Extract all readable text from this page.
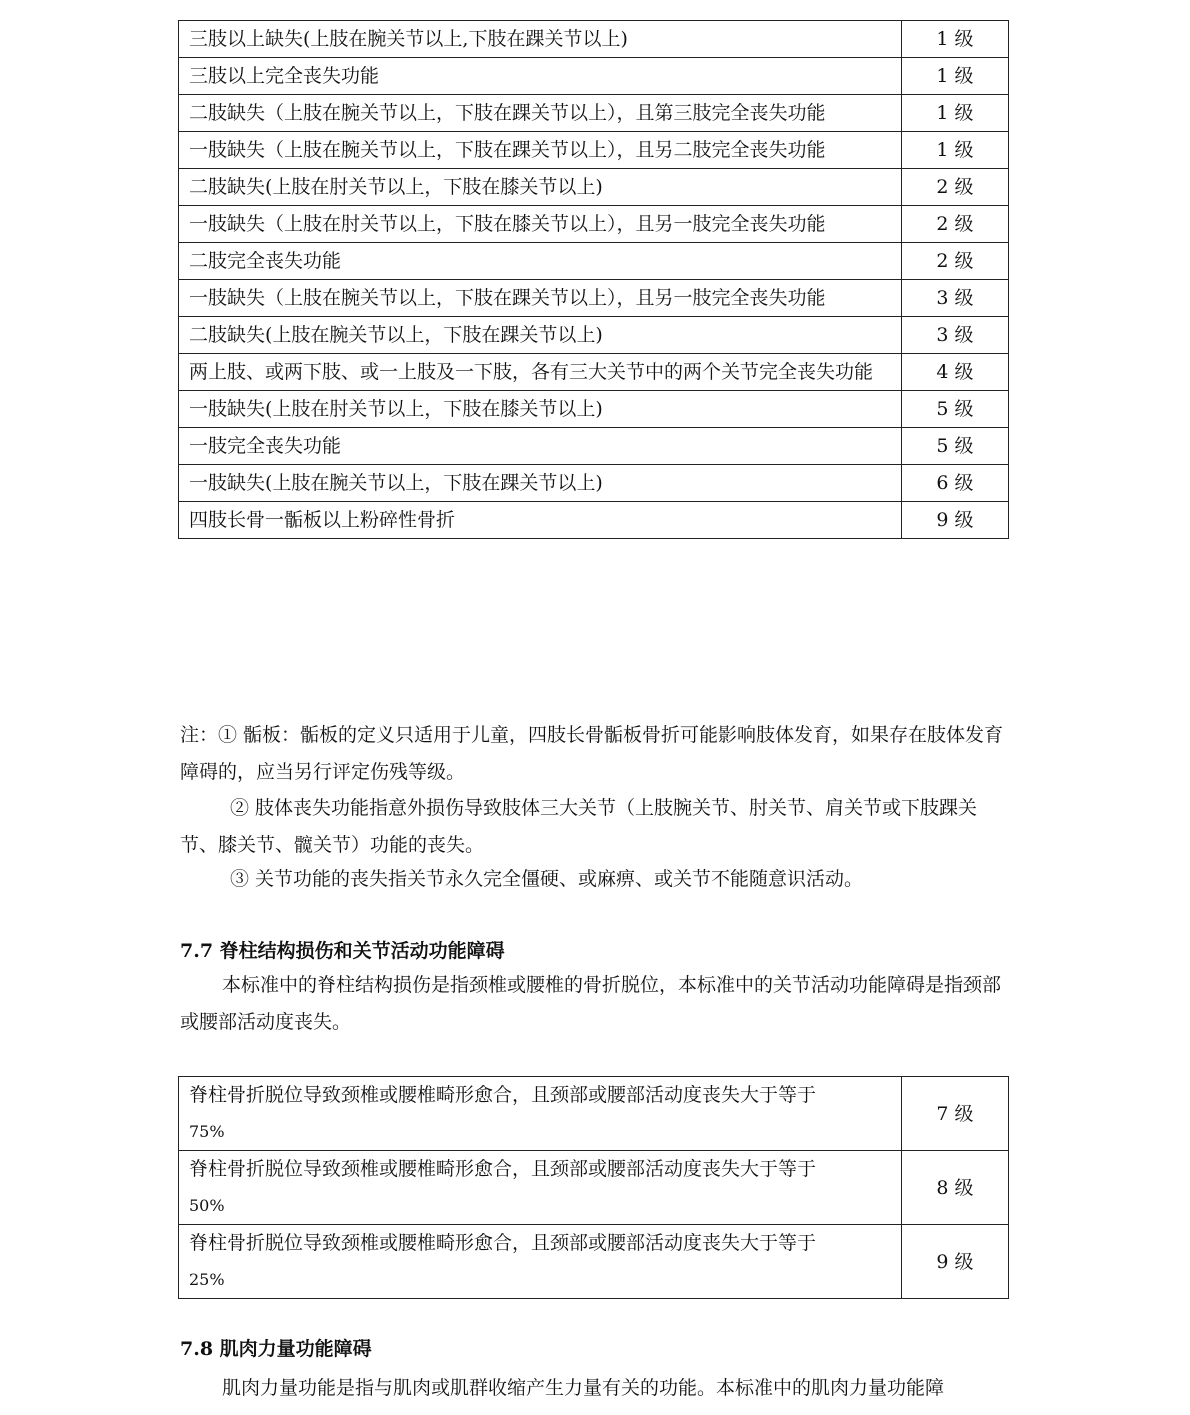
三肢以上缺失(上肢在腕关节以上,下肢在踝关节以上)	1 级
三肢以上完全丧失功能	1 级
二肢缺失（上肢在腕关节以上，下肢在踝关节以上），且第三肢完全丧失功能	1 级
一肢缺失（上肢在腕关节以上，下肢在踝关节以上），且另二肢完全丧失功能	1 级
二肢缺失(上肢在肘关节以上，下肢在膝关节以上)	2 级
一肢缺失（上肢在肘关节以上，下肢在膝关节以上），且另一肢完全丧失功能	2 级
二肢完全丧失功能	2 级
一肢缺失（上肢在腕关节以上，下肢在踝关节以上），且另一肢完全丧失功能	3 级
二肢缺失(上肢在腕关节以上，下肢在踝关节以上)	3 级
两上肢、或两下肢、或一上肢及一下肢，各有三大关节中的两个关节完全丧失功能	4 级
一肢缺失(上肢在肘关节以上，下肢在膝关节以上)	5 级
一肢完全丧失功能	5 级
一肢缺失(上肢在腕关节以上，下肢在踝关节以上)	6 级
四肢长骨一骺板以上粉碎性骨折	9 级

注：① 骺板：骺板的定义只适用于儿童，四肢长骨骺板骨折可能影响肢体发育，如果存在肢体发育障碍的，应当另行评定伤残等级。

② 肢体丧失功能指意外损伤导致肢体三大关节（上肢腕关节、肘关节、肩关节或下肢踝关节、膝关节、髋关节）功能的丧失。

③ 关节功能的丧失指关节永久完全僵硬、或麻痹、或关节不能随意识活动。

7.7 脊柱结构损伤和关节活动功能障碍

本标准中的脊柱结构损伤是指颈椎或腰椎的骨折脱位，本标准中的关节活动功能障碍是指颈部或腰部活动度丧失。

脊柱骨折脱位导致颈椎或腰椎畸形愈合，且颈部或腰部活动度丧失大于等于
75%	7 级
脊柱骨折脱位导致颈椎或腰椎畸形愈合，且颈部或腰部活动度丧失大于等于
50%	8 级
脊柱骨折脱位导致颈椎或腰椎畸形愈合，且颈部或腰部活动度丧失大于等于
25%	9 级
7.8 肌肉力量功能障碍

肌肉力量功能是指与肌肉或肌群收缩产生力量有关的功能。本标准中的肌肉力量功能障
